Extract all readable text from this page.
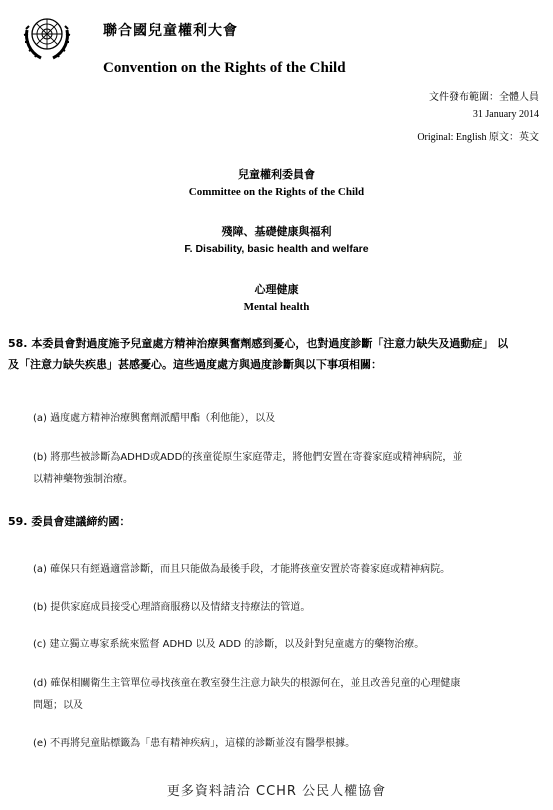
聯合國兒童權利大會
Convention on the Rights of the Child
文件發布範圍：全體人員
31 January 2014
Original: English 原文：英文
兒童權利委員會
Committee on the Rights of the Child
殘障、基礎健康與福利
F. Disability, basic health and welfare
心理健康
Mental health
58. 本委員會對過度施予兒童處方精神治療興奮劑感到憂心，也對過度診斷「注意力缺失及過動症」 以
及「注意力缺失疾患」甚感憂心。這些過度處方與過度診斷與以下事項相關：
(a) 過度處方精神治療興奮劑派醋甲酯（利他能），以及
(b) 將那些被診斷為ADHD或ADD的孩童從原生家庭帶走，將他們安置在寄養家庭或精神病院，並
以精神藥物強制治療。
59. 委員會建議締約國：
(a) 確保只有經過適當診斷，而且只能做為最後手段，才能將孩童安置於寄養家庭或精神病院。
(b) 提供家庭成員接受心理諮商服務以及情緒支持療法的管道。
(c) 建立獨立專家系統來監督 ADHD 以及 ADD 的診斷，以及針對兒童處方的藥物治療。
(d) 確保相關衛生主管單位尋找孩童在教室發生注意力缺失的根源何在，並且改善兒童的心理健康
問題；以及
(e) 不再將兒童貼標籤為「患有精神疾病」，這樣的診斷並沒有醫學根據。
更多資料請洽 CCHR 公民人權協會
